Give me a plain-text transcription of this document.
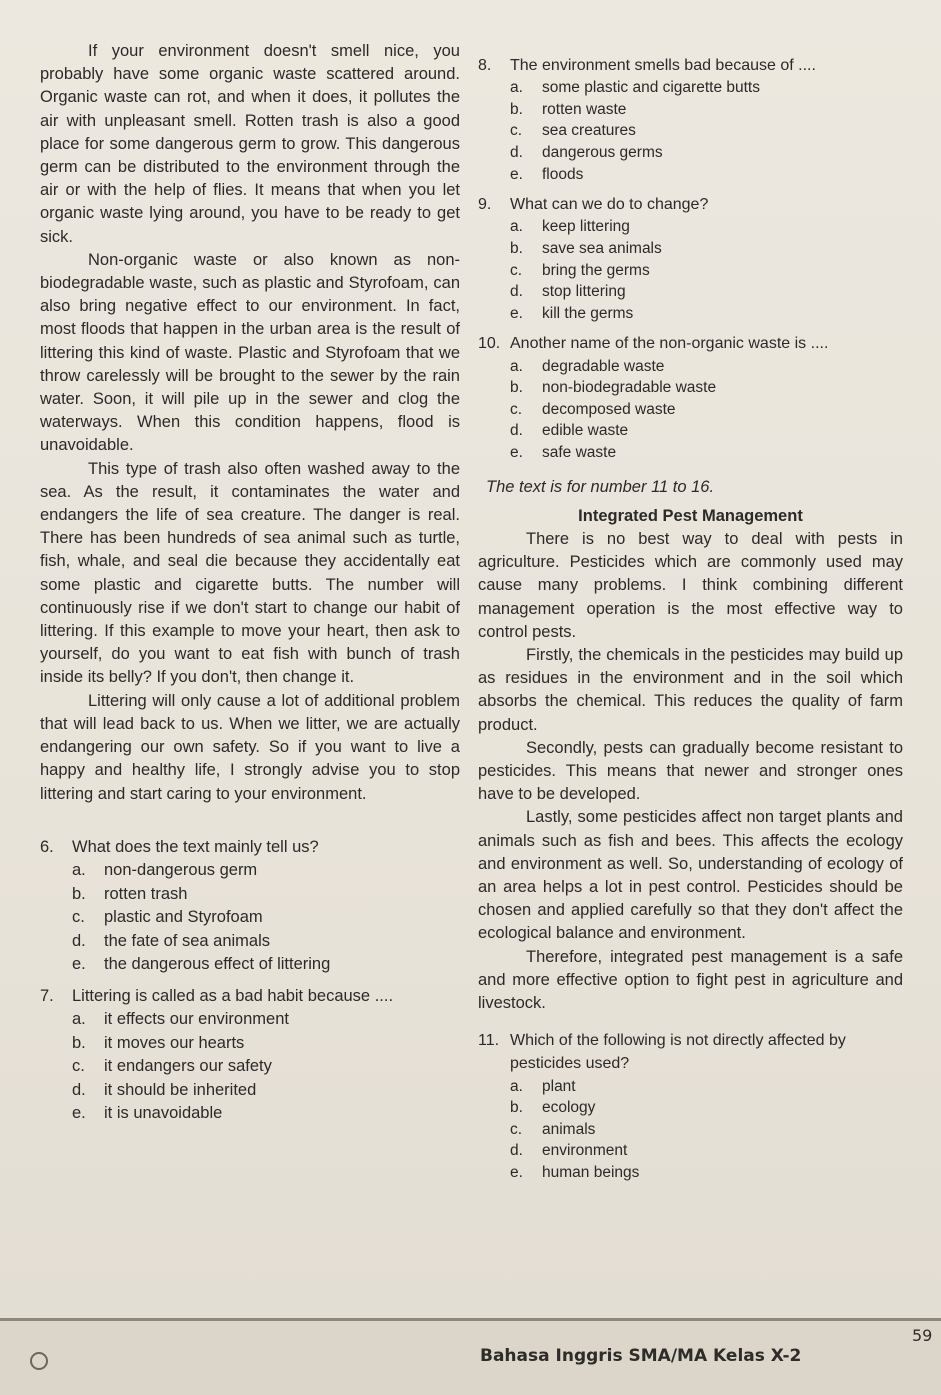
If your environment doesn't smell nice, you probably have some organic waste scattered around. Organic waste can rot, and when it does, it pollutes the air with unpleasant smell. Rotten trash is also a good place for some dangerous germ to grow. This dangerous germ can be distributed to the environment through the air or with the help of flies. It means that when you let organic waste lying around, you have to be ready to get sick.

Non-organic waste or also known as non-biodegradable waste, such as plastic and Styrofoam, can also bring negative effect to our environment. In fact, most floods that happen in the urban area is the result of littering this kind of waste. Plastic and Styrofoam that we throw carelessly will be brought to the sewer by the rain water. Soon, it will pile up in the sewer and clog the waterways. When this condition happens, flood is unavoidable.

This type of trash also often washed away to the sea. As the result, it contaminates the water and endangers the life of sea creature. The danger is real. There has been hundreds of sea animal such as turtle, fish, whale, and seal die because they accidentally eat some plastic and cigarette butts. The number will continuously rise if we don't start to change our habit of littering. If this example to move your heart, then ask to yourself, do you want to eat fish with bunch of trash inside its belly? If you don't, then change it.

Littering will only cause a lot of additional problem that will lead back to us. When we litter, we are actually endangering our own safety. So if you want to live a happy and healthy life, I strongly advise you to stop littering and start caring to your environment.

6.	What does the text mainly tell us?
a.	non-dangerous germ
b.	rotten trash
c.	plastic and Styrofoam
d.	the fate of sea animals
e.	the dangerous effect of littering
7.	Littering is called as a bad habit because ....
a.	it effects our environment
b.	it moves our hearts
c.	it endangers our safety
d.	it should be inherited
e.	it is unavoidable
8.	The environment smells bad because of ....
a.	some plastic and cigarette butts
b.	rotten waste
c.	sea creatures
d.	dangerous germs
e.	floods
9.	What can we do to change?
a.	keep littering
b.	save sea animals
c.	bring the germs
d.	stop littering
e.	kill the germs
10. Another name of the non-organic waste is ....
a.	degradable waste
b.	non-biodegradable waste
c.	decomposed waste
d.	edible waste
e.	safe waste

The text is for number 11 to 16.

Integrated Pest Management

There is no best way to deal with pests in agriculture. Pesticides which are commonly used may cause many problems. I think combining different management operation is the most effective way to control pests.

Firstly, the chemicals in the pesticides may build up as residues in the environment and in the soil which absorbs the chemical. This reduces the quality of farm product.

Secondly, pests can gradually become resistant to pesticides. This means that newer and stronger ones have to be developed.

Lastly, some pesticides affect non target plants and animals such as fish and bees. This affects the ecology and environment as well. So, understanding of ecology of an area helps a lot in pest control. Pesticides should be chosen and applied carefully so that they don't affect the ecological balance and environment.

Therefore, integrated pest management is a safe and more effective option to fight pest in agriculture and livestock.

11. Which of the following is not directly affected by pesticides used?
a.	plant
b.	ecology
c.	animals
d.	environment
e.	human beings
Bahasa Inggris SMA/MA Kelas X-2
59
